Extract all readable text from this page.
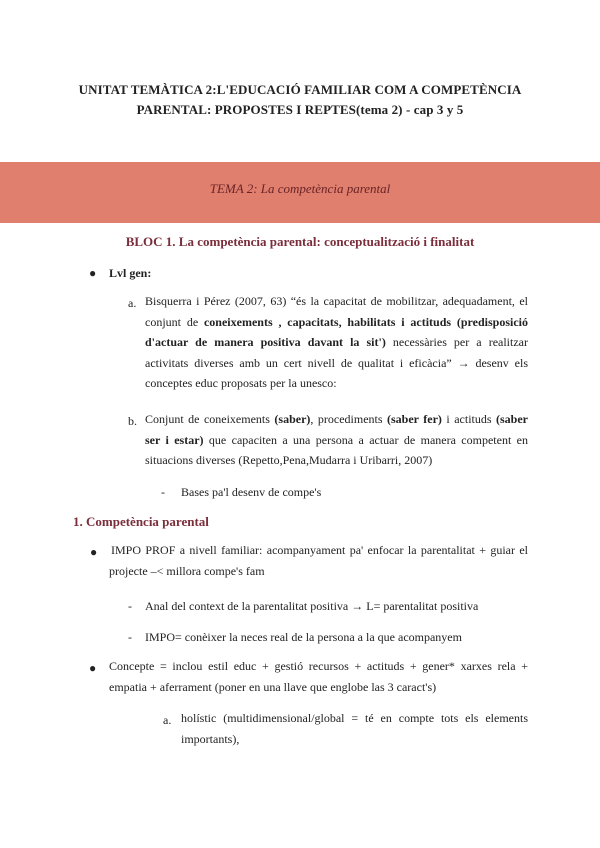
UNITAT TEMÀTICA 2:L'EDUCACIÓ FAMILIAR COM A COMPETÈNCIA
PARENTAL: PROPOSTES I REPTES(tema 2) - cap 3 y 5
TEMA 2: La competència parental
BLOC 1. La competència parental: conceptualització i finalitat
● Lvl gen:
a. Bisquerra i Pérez (2007, 63) “és la capacitat de mobilitzar, adequadament, el conjunt de coneixements , capacitats, habilitats i actituds (predisposició d'actuar de manera positiva davant la sit') necessàries per a realitzar activitats diverses amb un cert nivell de qualitat i eficàcia” → desenv els conceptes educ proposats per la unesco:
b. Conjunt de coneixements (saber), procediments (saber fer) i actituds (saber ser i estar) que capaciten a una persona a actuar de manera competent en situacions diverses (Repetto,Pena,Mudarra i Uribarri, 2007)
- Bases pa'l desenv de compe's
1. Competència parental
● IMPO PROF a nivell familiar: acompanyament pa' enfocar la parentalitat + guiar el projecte –< millora compe's fam
- Anal del context de la parentalitat positiva → L= parentalitat positiva
- IMPO= conèixer la neces real de la persona a la que acompanyem
● Concepte = inclou estil educ + gestió recursos + actituds + gener* xarxes rela + empatia + aferrament (poner en una llave que englobe las 3 caract's)
a. holístic (multidimensional/global = té en compte tots els elements importants),
